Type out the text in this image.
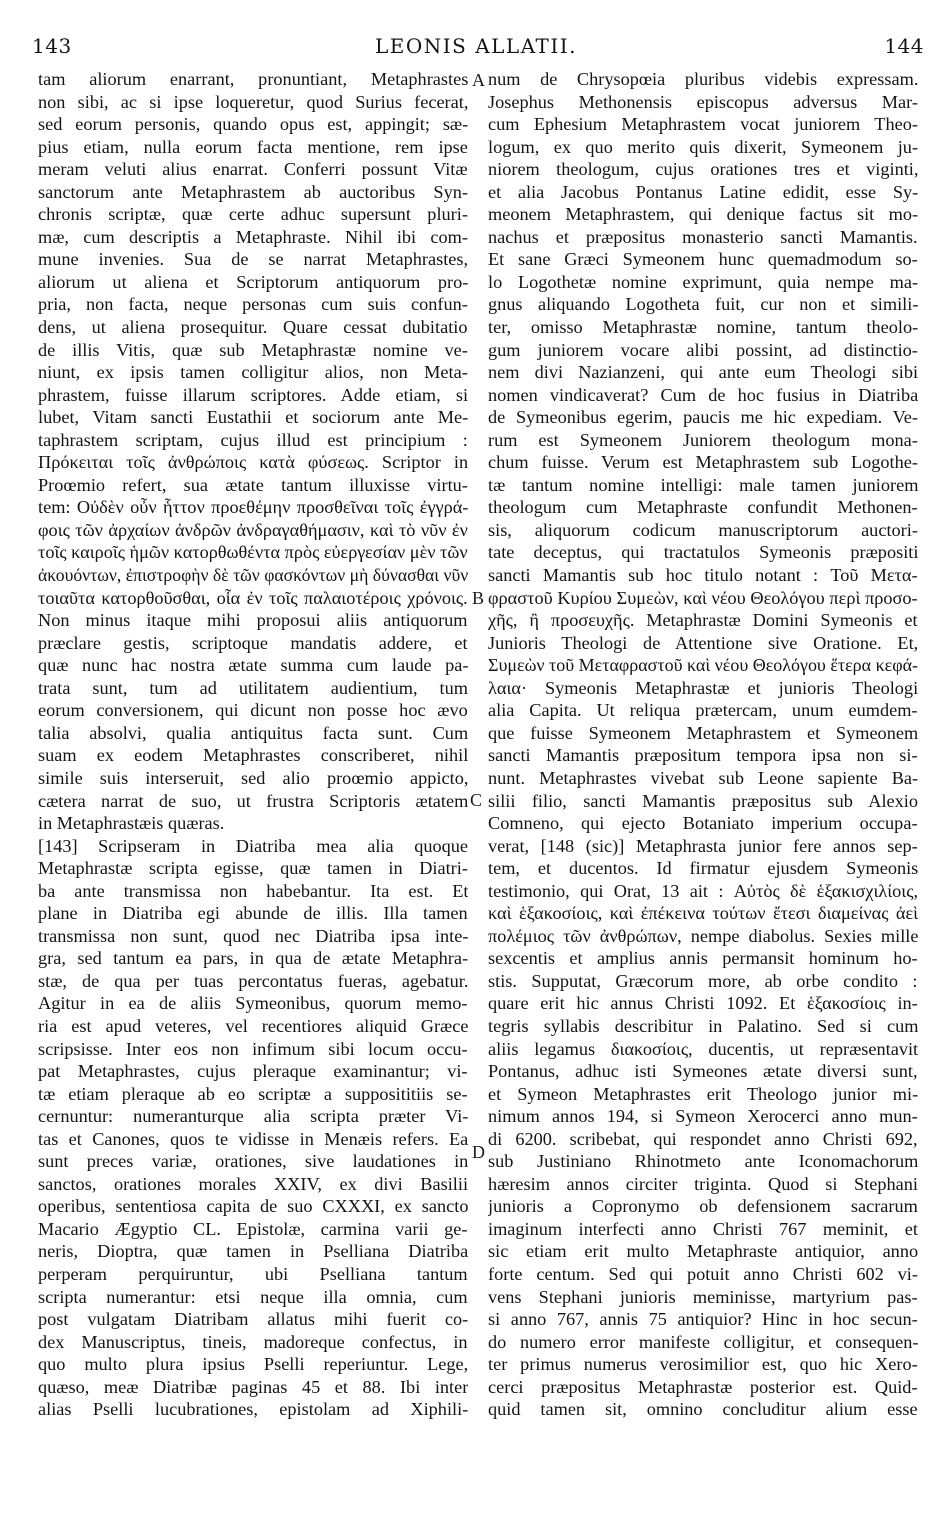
143	LEONIS ALLATII.	144
tam aliorum enarrant, pronuntiant, Metaphrastes
non sibi, ac si ipse loqueretur, quod Surius fecerat,
sed eorum personis, quando opus est, appingit; sæ-
pius etiam, nulla eorum facta mentione, rem ipse
meram veluti alius enarrat. Conferri possunt Vitæ
sanctorum ante Metaphrastem ab auctoribus Syn-
chronis scriptæ, quæ certe adhuc supersunt pluri-
mæ, cum descriptis a Metaphraste. Nihil ibi com-
mune invenies. Sua de se narrat Metaphrastes,
aliorum ut aliena et Scriptorum antiquorum pro-
pria, non facta, neque personas cum suis confun-
dens, ut aliena prosequitur. Quare cessat dubitatio
de illis Vitis, quæ sub Metaphrastæ nomine ve-
niunt, ex ipsis tamen colligitur alios, non Meta-
phrastem, fuisse illarum scriptores. Adde etiam, si
lubet, Vitam sancti Eustathii et sociorum ante Me-
taphrastem scriptam, cujus illud est principium :
Πρόκειται τοῖς ἀνθρώποις κατὰ φύσεως. Scriptor in
Proœmio refert, sua ætate tantum illuxisse virtu-
tem: Οὐδὲν οὖν ἧττον προεθέμην προσθεῖναι τοῖς ἐγγρά-
φοις τῶν ἀρχαίων ἀνδρῶν ἀνδραγαθήμασιν, καὶ τὸ νῦν ἐν
τοῖς καιροῖς ἡμῶν κατορθωθέντα πρὸς εὐεργεσίαν μὲν τῶν
ἀκουόντων, ἐπιστροφὴν δὲ τῶν φασκόντων μὴ δύνασθαι νῦν
τοιαῦτα κατορθοῦσθαι, οἷα ἐν τοῖς παλαιοτέροις χρόνοις.
Non minus itaque mihi proposui aliis antiquorum
præclare gestis, scriptoque mandatis addere, et
quæ nunc hac nostra ætate summa cum laude pa-
trata sunt, tum ad utilitatem audientium, tum
eorum conversionem, qui dicunt non posse hoc ævo
talia absolvi, qualia antiquitus facta sunt. Cum
suam ex eodem Metaphrastes conscriberet, nihil
simile suis interseruit, sed alio proœmio appicto,
cætera narrat de suo, ut frustra Scriptoris ætatem
in Metaphrastæis quæras.
[143] Scripseram in Diatriba mea alia quoque
Metaphrastæ scripta egisse, quæ tamen in Diatri-
ba ante transmissa non habebantur. Ita est. Et
plane in Diatriba egi abunde de illis. Illa tamen
transmissa non sunt, quod nec Diatriba ipsa inte-
gra, sed tantum ea pars, in qua de ætate Metaphra-
stæ, de qua per tuas percontatus fueras, agebatur.
Agitur in ea de aliis Symeonibus, quorum memo-
ria est apud veteres, vel recentiores aliquid Græce
scripsisse. Inter eos non infimum sibi locum occu-
pat Metaphrastes, cujus pleraque examinantur; vi-
tæ etiam pleraque ab eo scriptæ a supposititiis se-
cernuntur: numeranturque alia scripta præter Vi-
tas et Canones, quos te vidisse in Menæis refers. Ea
sunt preces variæ, orationes, sive laudationes in
sanctos, orationes morales XXIV, ex divi Basilii
operibus, sententiosa capita de suo CXXXI, ex sancto
Macario Ægyptio CL. Epistolæ, carmina varii ge-
neris, Dioptra, quæ tamen in Pselliana Diatriba
perperam perquiruntur, ubi Pselliana tantum
scripta numerantur: etsi neque illa omnia, cum
post vulgatam Diatribam allatus mihi fuerit co-
dex Manuscriptus, tineis, madoreque confectus, in
quo multo plura ipsius Pselli reperiuntur. Lege,
quæso, meæ Diatribæ paginas 45 et 88. Ibi inter
alias Pselli lucubrationes, epistolam ad Xiphili-
num de Chrysopœia pluribus videbis expressam.
Josephus Methonensis episcopus adversus Mar-
cum Ephesium Metaphrastem vocat juniorem Theo-
logum, ex quo merito quis dixerit, Symeonem ju-
niorem theologum, cujus orationes tres et viginti,
et alia Jacobus Pontanus Latine edidit, esse Sy-
meonem Metaphrastem, qui denique factus sit mo-
nachus et præpositus monasterio sancti Mamantis.
Et sane Græci Symeonem hunc quemadmodum so-
lo Logothetæ nomine exprimunt, quia nempe ma-
gnus aliquando Logotheta fuit, cur non et simili-
ter, omisso Metaphrastæ nomine, tantum theolo-
gum juniorem vocare alibi possint, ad distinctio-
nem divi Nazianzeni, qui ante eum Theologi sibi
nomen vindicaverat? Cum de hoc fusius in Diatriba
de Symeonibus egerim, paucis me hic expediam. Ve-
rum est Symeonem Juniorem theologum mona-
chum fuisse. Verum est Metaphrastem sub Logothe-
tæ tantum nomine intelligi: male tamen juniorem
theologum cum Metaphraste confundit Methonen-
sis, aliquorum codicum manuscriptorum auctori-
tate deceptus, qui tractatulos Symeonis præpositi
sancti Mamantis sub hoc titulo notant : Τοῦ Μετα-
φραστοῦ Κυρίου Συμεὼν, καὶ νέου Θεολόγου περὶ προσο-
χῆς, ἢ προσευχῆς. Metaphrastæ Domini Symeonis et
Junioris Theologi de Attentione sive Oratione. Et,
Συμεὼν τοῦ Μεταφραστοῦ καὶ νέου Θεολόγου ἕτερα κεφά-
λαια· Symeonis Metaphrastæ et junioris Theologi
alia Capita. Ut reliqua prætercam, unum eumdem-
que fuisse Symeonem Metaphrastem et Symeonem
sancti Mamantis præpositum tempora ipsa non si-
nunt. Metaphrastes vivebat sub Leone sapiente Ba-
silii filio, sancti Mamantis præpositus sub Alexio
Comneno, qui ejecto Botaniato imperium occupa-
verat, [148 (sic)] Metaphrasta junior fere annos sep-
tem, et ducentos. Id firmatur ejusdem Symeonis
testimonio, qui Orat, 13 ait : Αὐτὸς δὲ ἑξακισχιλίοις,
καὶ ἑξακοσίοις, καὶ ἐπέκεινα τούτων ἔτεσι διαμείνας ἀεὶ
πολέμιος τῶν ἀνθρώπων, nempe diabolus. Sexies mille
sexcentis et amplius annis permansit hominum ho-
stis. Supputat, Græcorum more, ab orbe condito :
quare erit hic annus Christi 1092. Et ἑξακοσίοις in-
tegris syllabis describitur in Palatino. Sed si cum
aliis legamus διακοσίοις, ducentis, ut repræsentavit
Pontanus, adhuc isti Symeones ætate diversi sunt,
et Symeon Metaphrastes erit Theologo junior mi-
nimum annos 194, si Symeon Xerocerci anno mun-
di 6200. scribebat, qui respondet anno Christi 692,
sub Justiniano Rhinotmeto ante Iconomachorum
hæresim annos circiter triginta. Quod si Stephani
junioris a Copronymo ob defensionem sacrarum
imaginum interfecti anno Christi 767 meminit, et
sic etiam erit multo Metaphraste antiquior, anno
forte centum. Sed qui potuit anno Christi 602 vi-
vens Stephani junioris meminisse, martyrium pas-
si anno 767, annis 75 antiquior? Hinc in hoc secun-
do numero error manifeste colligitur, et consequen-
ter primus numerus verosimilior est, quo hic Xero-
cerci præpositus Metaphrastæ posterior est. Quid-
quid tamen sit, omnino concluditur alium esse
A
B
C
D
